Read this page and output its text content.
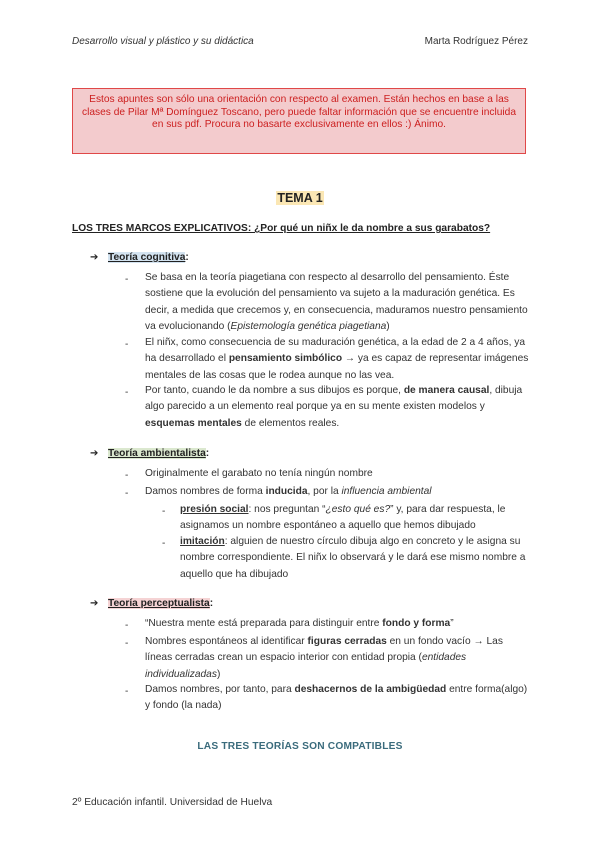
Desarrollo visual y plástico y su didáctica	Marta Rodríguez Pérez
Estos apuntes son sólo una orientación con respecto al examen. Están hechos en base a las clases de Pilar Mª Domínguez Toscano, pero puede faltar información que se encuentre incluida en sus pdf. Procura no basarte exclusivamente en ellos :) Ánimo.
TEMA 1
LOS TRES MARCOS EXPLICATIVOS: ¿Por qué un niñx le da nombre a sus garabatos?
➔ Teoría cognitiva:
- Se basa en la teoría piagetiana con respecto al desarrollo del pensamiento. Éste sostiene que la evolución del pensamiento va sujeto a la maduración genética. Es decir, a medida que crecemos y, en consecuencia, maduramos nuestro pensamiento va evolucionando (Epistemología genética piagetiana)
- El niñx, como consecuencia de su maduración genética, a la edad de 2 a 4 años, ya ha desarrollado el pensamiento simbólico → ya es capaz de representar imágenes mentales de las cosas que le rodea aunque no las vea.
- Por tanto, cuando le da nombre a sus dibujos es porque, de manera causal, dibuja algo parecido a un elemento real porque ya en su mente existen modelos y esquemas mentales de elementos reales.
➔ Teoría ambientalista:
- Originalmente el garabato no tenía ningún nombre
- Damos nombres de forma inducida, por la influencia ambiental
- presión social: nos preguntan “¿esto qué es?” y, para dar respuesta, le asignamos un nombre espontáneo a aquello que hemos dibujado
- imitación: alguien de nuestro círculo dibuja algo en concreto y le asigna su nombre correspondiente. El niñx lo observará y le dará ese mismo nombre a aquello que ha dibujado
➔ Teoría perceptualista:
- “Nuestra mente está preparada para distinguir entre fondo y forma”
- Nombres espontáneos al identificar figuras cerradas en un fondo vacío → Las líneas cerradas crean un espacio interior con entidad propia (entidades individualizadas)
- Damos nombres, por tanto, para deshacernos de la ambigüedad entre forma(algo) y fondo (la nada)
LAS TRES TEORÍAS SON COMPATIBLES
2º Educación infantil. Universidad de Huelva
